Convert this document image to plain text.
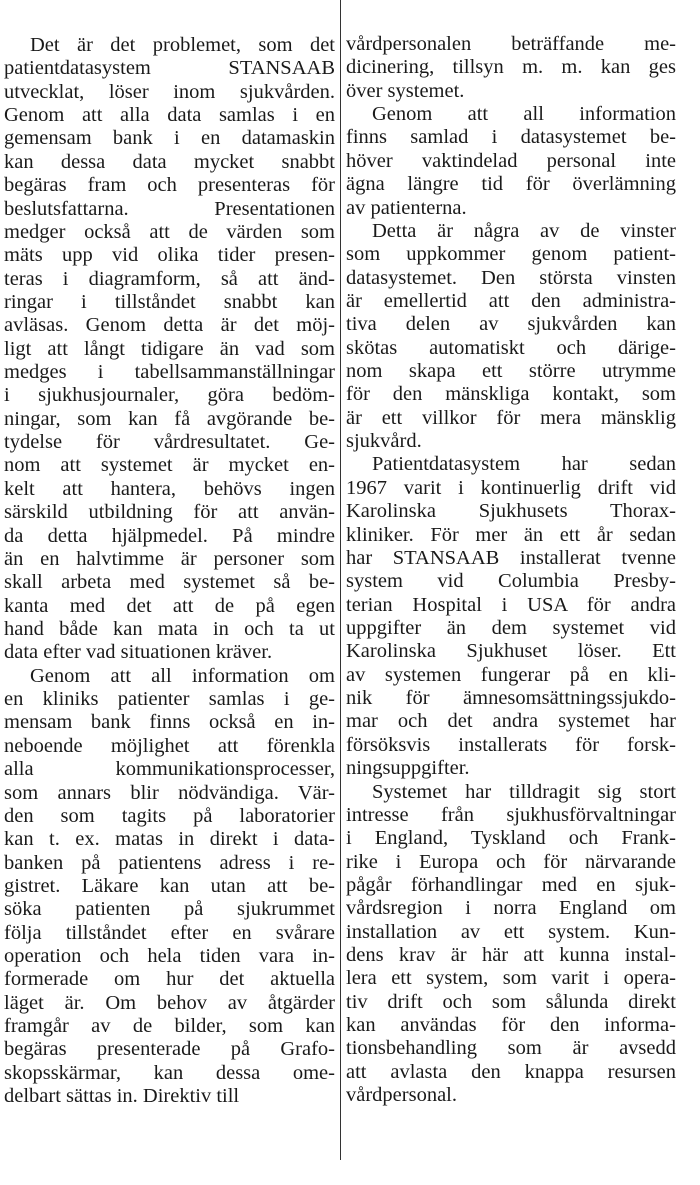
Det är det problemet, som det
patientdatasystem STANSAAB
utvecklat, löser inom sjukvården.
Genom att alla data samlas i en
gemensam bank i en datamaskin
kan dessa data mycket snabbt
begäras fram och presenteras för
beslutsfattarna. Presentationen
medger också att de värden som
mäts upp vid olika tider presen-
teras i diagramform, så att änd-
ringar i tillståndet snabbt kan
avläsas. Genom detta är det möj-
ligt att långt tidigare än vad som
medges i tabellsammanställningar
i sjukhusjournaler, göra bedöm-
ningar, som kan få avgörande be-
tydelse för vårdresultatet. Ge-
nom att systemet är mycket en-
kelt att hantera, behövs ingen
särskild utbildning för att använ-
da detta hjälpmedel. På mindre
än en halvtimme är personer som
skall arbeta med systemet så be-
kanta med det att de på egen
hand både kan mata in och ta ut
data efter vad situationen kräver.
Genom att all information om
en kliniks patienter samlas i ge-
mensam bank finns också en in-
neboende möjlighet att förenkla
alla kommunikationsprocesser,
som annars blir nödvändiga. Vär-
den som tagits på laboratorier
kan t. ex. matas in direkt i data-
banken på patientens adress i re-
gistret. Läkare kan utan att be-
söka patienten på sjukrummet
följa tillståndet efter en svårare
operation och hela tiden vara in-
formerade om hur det aktuella
läget är. Om behov av åtgärder
framgår av de bilder, som kan
begäras presenterade på Grafo-
skopsskärmar, kan dessa ome-
delbart sättas in. Direktiv till
vårdpersonalen beträffande me-
dicinering, tillsyn m. m. kan ges
över systemet.
Genom att all information
finns samlad i datasystemet be-
höver vaktindelad personal inte
ägna längre tid för överlämning
av patienterna.
Detta är några av de vinster
som uppkommer genom patient-
datasystemet. Den största vinsten
är emellertid att den administra-
tiva delen av sjukvården kan
skötas automatiskt och därige-
nom skapa ett större utrymme
för den mänskliga kontakt, som
är ett villkor för mera mänsklig
sjukvård.
Patientdatasystem har sedan
1967 varit i kontinuerlig drift vid
Karolinska Sjukhusets Thorax-
kliniker. För mer än ett år sedan
har STANSAAB installerat tvenne
system vid Columbia Presby-
terian Hospital i USA för andra
uppgifter än dem systemet vid
Karolinska Sjukhuset löser. Ett
av systemen fungerar på en kli-
nik för ämnesomsättningssjukdo-
mar och det andra systemet har
försöksvis installerats för forsk-
ningsuppgifter.
Systemet har tilldragit sig stort
intresse från sjukhusförvaltningar
i England, Tyskland och Frank-
rike i Europa och för närvarande
pågår förhandlingar med en sjuk-
vårdsregion i norra England om
installation av ett system. Kun-
dens krav är här att kunna instal-
lera ett system, som varit i opera-
tiv drift och som sålunda direkt
kan användas för den informa-
tionsbehandling som är avsedd
att avlasta den knappa resursen
vårdpersonal.
